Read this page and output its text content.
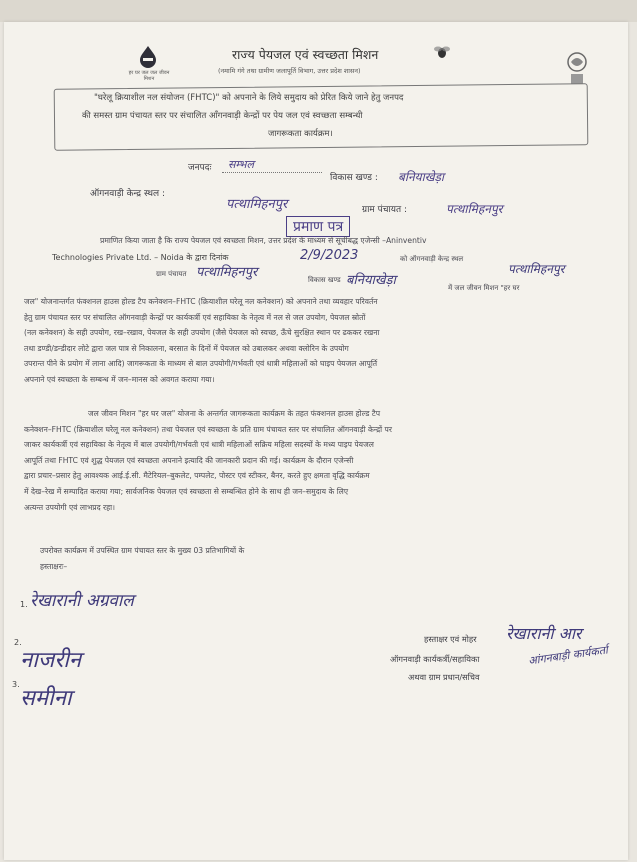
हर घर जल जल जीवन मिशन
राज्य पेयजल एवं स्वच्छता मिशन
(नमामि गंगे तथा ग्रामीण जलापूर्ति विभाग, उत्तर प्रदेश शासन)
"घरेलू क्रियाशील नल संयोजन (FHTC)" को अपनाने के लिये समुदाय को प्रेरित किये जाने हेतु जनपद
की समस्त ग्राम पंचायत स्तर पर संचालित आँगनवाड़ी केन्द्रों पर पेय जल एवं स्वच्छता सम्बन्धी
जागरूकता कार्यक्रम।
जनपदः सम्भल
विकास खण्ड : बनियाखेड़ा
ऑगनवाड़ी केन्द्र स्थल :
पत्थामिहनपुर	ग्राम पंचायत :	पत्थामिहनपुर
प्रमाण पत्र
प्रमाणित किया जाता है कि राज्य पेयजल एवं स्वच्छता मिशन, उत्तर प्रदेश के माध्यम से सूचीबद्ध एजेन्सी –Aninventiv
Technologies Private Ltd. – Noida के द्वारा दिनांक	2/9/2023	को ऑगनवाड़ी केन्द्र स्थल
पत्थामिहनपुर
ग्राम पंचायत पत्थामिहनपुर	विकास खण्ड बनियाखेड़ा	में जल जीवन मिशन "हर घर
जल" योजनान्तर्गत फंक्शनल हाउस होल्ड टैप कनेक्शन–FHTC (क्रियाशील घरेलू नल कनेक्शन) को अपनाने तथा व्यवहार परिवर्तन
हेतु ग्राम पंचायत स्तर पर संचालित ऑगनवाड़ी केन्द्रों पर कार्यकर्त्री एवं सहायिका के नेतृत्व में नल से जल उपयोग, पेयजल स्रोतों
(नल कनेक्शन) के सही उपयोग, रख–रखाव, पेयजल के सही उपयोग (जैसे पेयजल को स्वच्छ, ऊँचे सुरक्षित स्थान पर ढककर रखना
तथा डण्डी/डन्डीदार लोटे द्वारा जल पात्र से निकालना, बरसात के दिनों में पेयजल को उबालकर अथवा क्लोरिन के उपयोग
उपरान्त पीने के प्रयोग में लाना आदि) जागरूकता के माध्यम से बाल उपयोगी/गर्भवती एवं धात्री महिलाओं को घाइप पेयजल आपूर्ति
अपनाने एवं स्वच्छता के सम्बन्ध में जन–मानस को अवगत कराया गया।
जल जीवन मिशन "हर घर जल" योजना के अन्तर्गत जागरूकता कार्यक्रम के तहत फंक्शनल हाउस होल्ड टैप
कनेक्शन–FHTC (क्रियाशील घरेलू नल कनेक्शन) तथा पेयजल एवं स्वच्छता के प्रति ग्राम पंचायत स्तर पर संचालित ऑगनवाड़ी केन्द्रों पर
जाकर कार्यकर्त्री एवं सहायिका के नेतृत्व में बाल उपयोगी/गर्भवती एवं धात्री महिलाओं सक्रिय महिला सदस्यों के मध्य पाइप पेयजल
आपूर्ति तथा FHTC एवं शुद्ध पेयजल एवं स्वच्छता अपनाने इत्यादि की जानकारी प्रदान की गई। कार्यक्रम के दौरान एजेन्सी
द्वारा प्रचार–प्रसार हेतु आवश्यक आई.ई.सी. मैटेरियल–बुकलेट, पम्पलेट, पोस्टर एवं स्टीकर, बैनर, करते हुए क्षमता वृद्धि कार्यक्रम
में देख–रेख में सम्पादित कराया गया; सार्वजनिक पेयजल एवं स्वच्छता से सम्बन्धित होने के साथ ही जन–समुदाय के लिए
अत्यन्त उपयोगी एवं लाभप्रद रहा।
उपरोक्त कार्यक्रम में उपस्थित ग्राम पंचायत स्तर के मुख्य 03 प्रतिभागियों के
हस्ताक्षरः–
1. रेखारानी अग्रवाल
2.
नाजरीन
3.
समीना
हस्ताक्षर एवं मोहर
ऑगनवाड़ी कार्यकर्त्री/सहायिका
अथवा ग्राम प्रधान/सचिव
रेखारानी आर
आंगनबाड़ी कार्यकर्ता
